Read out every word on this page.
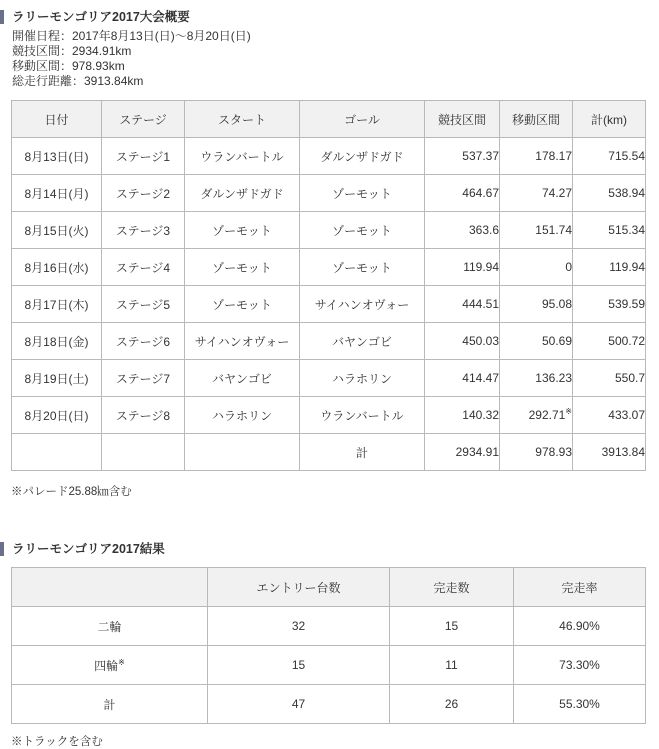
ラリーモンゴリア2017大会概要
開催日程：2017年8月13日(日)～8月20日(日)
競技区間：2934.91km
移動区間：978.93km
総走行距離：3913.84km
日付	ステージ	スタート	ゴール	競技区間	移動区間	計(km)
8月13日(日)	ステージ1	ウランバートル	ダルンザドガド	537.37	178.17	715.54
8月14日(月)	ステージ2	ダルンザドガド	ゾーモット	464.67	74.27	538.94
8月15日(火)	ステージ3	ゾーモット	ゾーモット	363.6	151.74	515.34
8月16日(水)	ステージ4	ゾーモット	ゾーモット	119.94	0	119.94
8月17日(木)	ステージ5	ゾーモット	サイハンオヴォー	444.51	95.08	539.59
8月18日(金)	ステージ6	サイハンオヴォー	バヤンゴビ	450.03	50.69	500.72
8月19日(土)	ステージ7	バヤンゴビ	ハラホリン	414.47	136.23	550.7
8月20日(日)	ステージ8	ハラホリン	ウランバートル	140.32	292.71※	433.07
			計	2934.91	978.93	3913.84
※パレード25.88㎞含む
ラリーモンゴリア2017結果
	エントリー台数	完走数	完走率
二輪	32	15	46.90%
四輪※	15	11	73.30%
計	47	26	55.30%
※トラックを含む
